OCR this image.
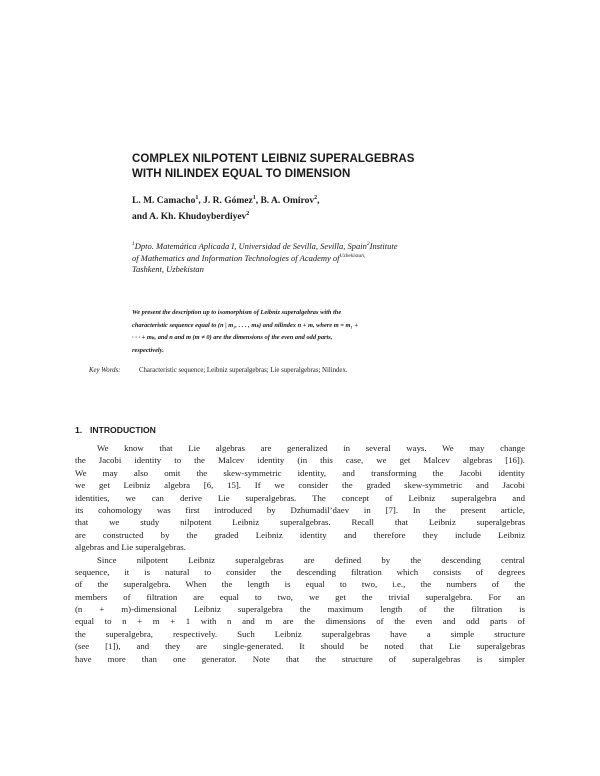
COMPLEX NILPOTENT LEIBNIZ SUPERALGEBRAS
WITH NILINDEX EQUAL TO DIMENSION
L. M. Camacho$^1$, J. R. Gómez$^1$, B. A. Omirov$^2$,
and A. Kh. Khudoyberdiyev$^2$
$^1$Dpto. Matemática Aplicada I, Universidad de Sevilla, Sevilla, Spain$^2$Institute
of Mathematics and Information Technologies of Academy $of^{Uzbekistan,}$
Tashkent, Uzbekistan
We present the description up to isomorphism of Leibniz superalgebras with the
characteristic sequence equal to (n | m₁, . . . , mₖ) and nilindex n + m, where m = m₁ +
· · · + mₖ, and n and m (m ≠ 0) are the dimensions of the even and odd parts,
respectively.
Key Words:	Characteristic sequence; Leibniz superalgebras; Lie superalgebras; Nilindex.
1. INTRODUCTION
We know that Lie algebras are generalized in several ways. We may change
the Jacobi identity to the Malcev identity (in this case, we get Malcev algebras [16]).
We may also omit the skew-symmetric identity, and transforming the Jacobi identity
we get Leibniz algebra [6, 15]. If we consider the graded skew-symmetric and Jacobi
identities, we can derive Lie superalgebras. The concept of Leibniz superalgebra and
its cohomology was first introduced by Dzhumadil’daev in [7]. In the present article,
that we study nilpotent Leibniz superalgebras. Recall that Leibniz superalgebras
are constructed by the graded Leibniz identity and therefore they include Leibniz
algebras and Lie superalgebras.
Since nilpotent Leibniz superalgebras are defined by the descending central
sequence, it is natural to consider the descending filtration which consists of degrees
of the superalgebra. When the length is equal to two, i.e., the numbers of the
members of filtration are equal to two, we get the trivial superalgebra. For an
(n + m)-dimensional Leibniz superalgebra the maximum length of the filtration is
equal to n + m + 1 with n and m are the dimensions of the even and odd parts of
the superalgebra, respectively. Such Leibniz superalgebras have a simple structure
(see [1]), and they are single-generated. It should be noted that Lie superalgebras
have more than one generator. Note that the structure of superalgebras is simpler
